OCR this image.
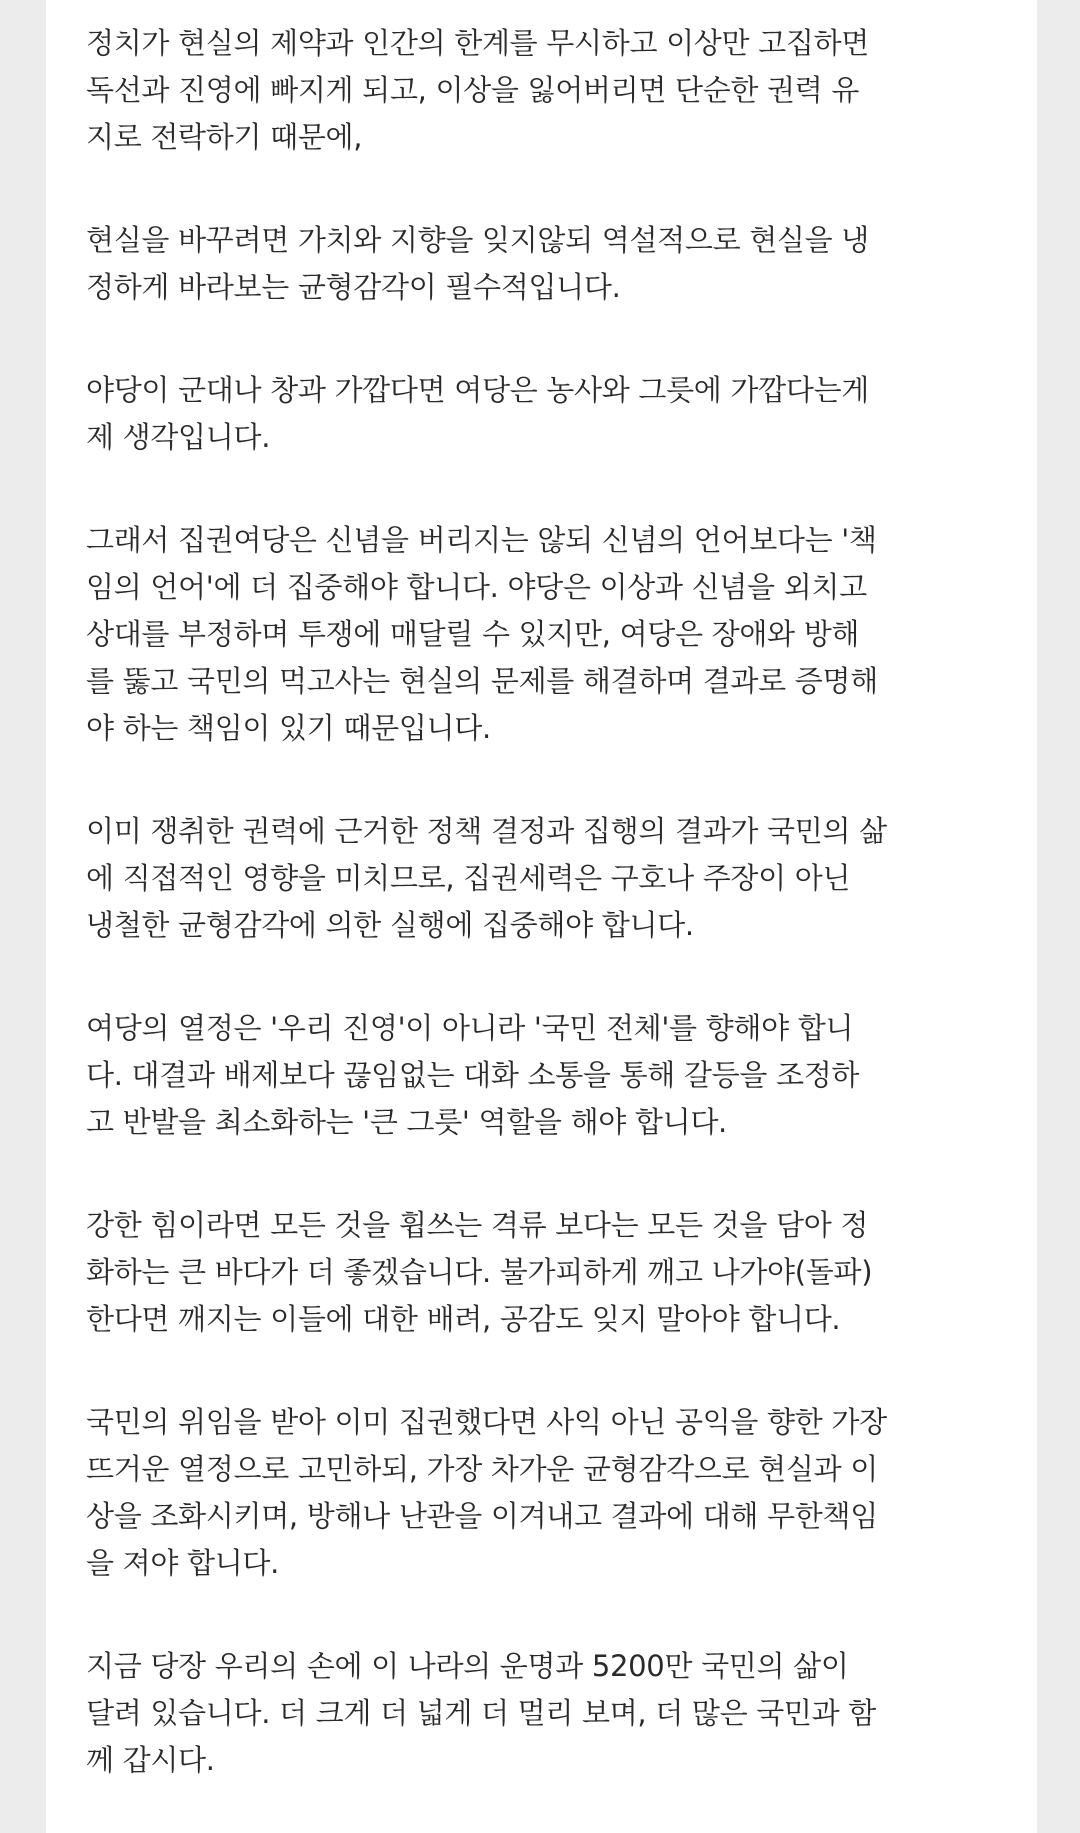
정치가 현실의 제약과 인간의 한계를 무시하고 이상만 고집하면
독선과 진영에 빠지게 되고, 이상을 잃어버리면 단순한 권력 유
지로 전락하기 때문에,

현실을 바꾸려면 가치와 지향을 잊지않되 역설적으로 현실을 냉
정하게 바라보는 균형감각이 필수적입니다.

야당이 군대나 창과 가깝다면 여당은 농사와 그릇에 가깝다는게
제 생각입니다.

그래서 집권여당은 신념을 버리지는 않되 신념의 언어보다는 '책
임의 언어'에 더 집중해야 합니다. 야당은 이상과 신념을 외치고
상대를 부정하며 투쟁에 매달릴 수 있지만, 여당은 장애와 방해
를 뚫고 국민의 먹고사는 현실의 문제를 해결하며 결과로 증명해
야 하는 책임이 있기 때문입니다.

이미 쟁취한 권력에 근거한 정책 결정과 집행의 결과가 국민의 삶
에 직접적인 영향을 미치므로, 집권세력은 구호나 주장이 아닌
냉철한 균형감각에 의한 실행에 집중해야 합니다.

여당의 열정은 '우리 진영'이 아니라 '국민 전체'를 향해야 합니
다. 대결과 배제보다 끊임없는 대화 소통을 통해 갈등을 조정하
고 반발을 최소화하는 '큰 그릇' 역할을 해야 합니다.

강한 힘이라면 모든 것을 휩쓰는 격류 보다는 모든 것을 담아 정
화하는 큰 바다가 더 좋겠습니다. 불가피하게 깨고 나가야(돌파)
한다면 깨지는 이들에 대한 배려, 공감도 잊지 말아야 합니다.

국민의 위임을 받아 이미 집권했다면 사익 아닌 공익을 향한 가장
뜨거운 열정으로 고민하되, 가장 차가운 균형감각으로 현실과 이
상을 조화시키며, 방해나 난관을 이겨내고 결과에 대해 무한책임
을 져야 합니다.

지금 당장 우리의 손에 이 나라의 운명과 5200만 국민의 삶이
달려 있습니다. 더 크게 더 넓게 더 멀리 보며, 더 많은 국민과 함
께 갑시다.
